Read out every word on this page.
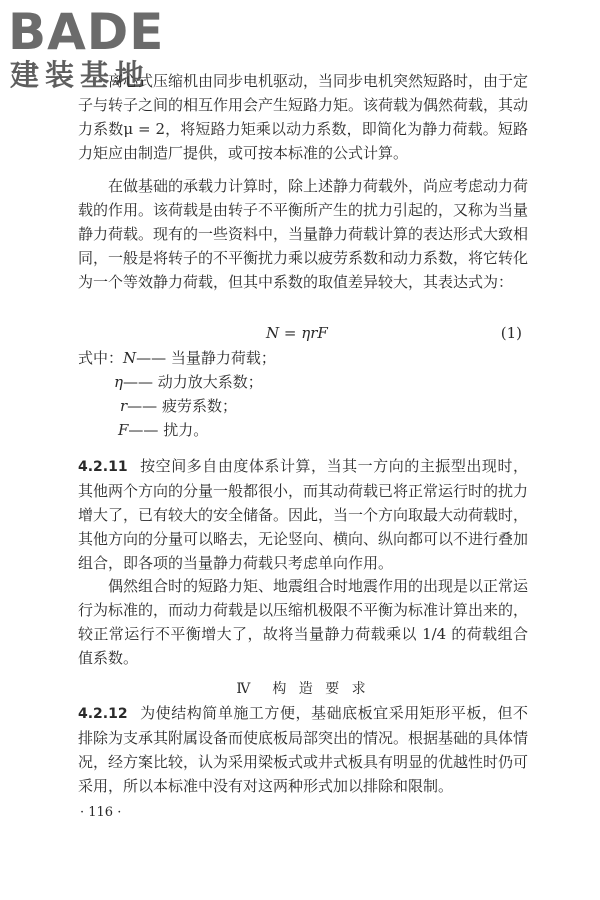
BADE
建装基地

离心式压缩机由同步电机驱动，当同步电机突然短路时，由于定子与转子之间的相互作用会产生短路力矩。该荷载为偶然荷载，其动力系数μ = 2，将短路力矩乘以动力系数，即简化为静力荷载。短路力矩应由制造厂提供，或可按本标准的公式计算。

在做基础的承载力计算时，除上述静力荷载外，尚应考虑动力荷载的作用。该荷载是由转子不平衡所产生的扰力引起的，又称为当量静力荷载。现有的一些资料中，当量静力荷载计算的表达形式大致相同，一般是将转子的不平衡扰力乘以疲劳系数和动力系数，将它转化为一个等效静力荷载，但其中系数的取值差异较大，其表达式为：

N = ηrF	(1)
式中：N—— 当量静力荷载；
η—— 动力放大系数；
r—— 疲劳系数；
F—— 扰力。

4.2.11 按空间多自由度体系计算，当其一方向的主振型出现时，其他两个方向的分量一般都很小，而其动荷载已将正常运行时的扰力增大了，已有较大的安全储备。因此，当一个方向取最大动荷载时，其他方向的分量可以略去，无论竖向、横向、纵向都可以不进行叠加组合，即各项的当量静力荷载只考虑单向作用。

偶然组合时的短路力矩、地震组合时地震作用的出现是以正常运行为标准的，而动力荷载是以压缩机极限不平衡为标准计算出来的，较正常运行不平衡增大了，故将当量静力荷载乘以 1/4 的荷载组合值系数。

Ⅳ　构 造 要 求

4.2.12 为使结构简单施工方便，基础底板宜采用矩形平板，但不排除为支承其附属设备而使底板局部突出的情况。根据基础的具体情况，经方案比较，认为采用梁板式或井式板具有明显的优越性时仍可采用，所以本标准中没有对这两种形式加以排除和限制。

· 116 ·
